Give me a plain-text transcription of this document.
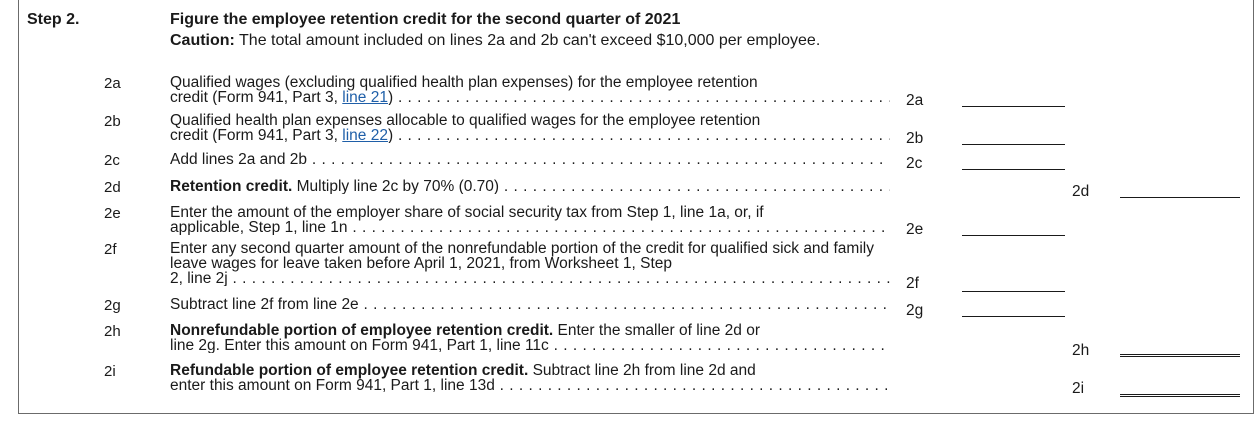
Step 2.	Figure the employee retention credit for the second quarter of 2021
Caution: The total amount included on lines 2a and 2b can't exceed $10,000 per employee.
2a	Qualified wages (excluding qualified health plan expenses) for the employee retention
credit (Form 941, Part 3, line 21) . . .	2a
2b	Qualified health plan expenses allocable to qualified wages for the employee retention
credit (Form 941, Part 3, line 22) . . .	2b
2c	Add lines 2a and 2b . . .	2c
2d	Retention credit. Multiply line 2c by 70% (0.70) . . .	2d
2e	Enter the amount of the employer share of social security tax from Step 1, line 1a, or, if
applicable, Step 1, line 1n . . .	2e
2f	Enter any second quarter amount of the nonrefundable portion of the credit for qualified sick and family leave wages for leave taken before April 1, 2021, from Worksheet 1, Step
2, line 2j . . .	2f
2g	Subtract line 2f from line 2e . . .	2g
2h	Nonrefundable portion of employee retention credit. Enter the smaller of line 2d or
line 2g. Enter this amount on Form 941, Part 1, line 11c . . .	2h
2i	Refundable portion of employee retention credit. Subtract line 2h from line 2d and
enter this amount on Form 941, Part 1, line 13d . . .	2i
